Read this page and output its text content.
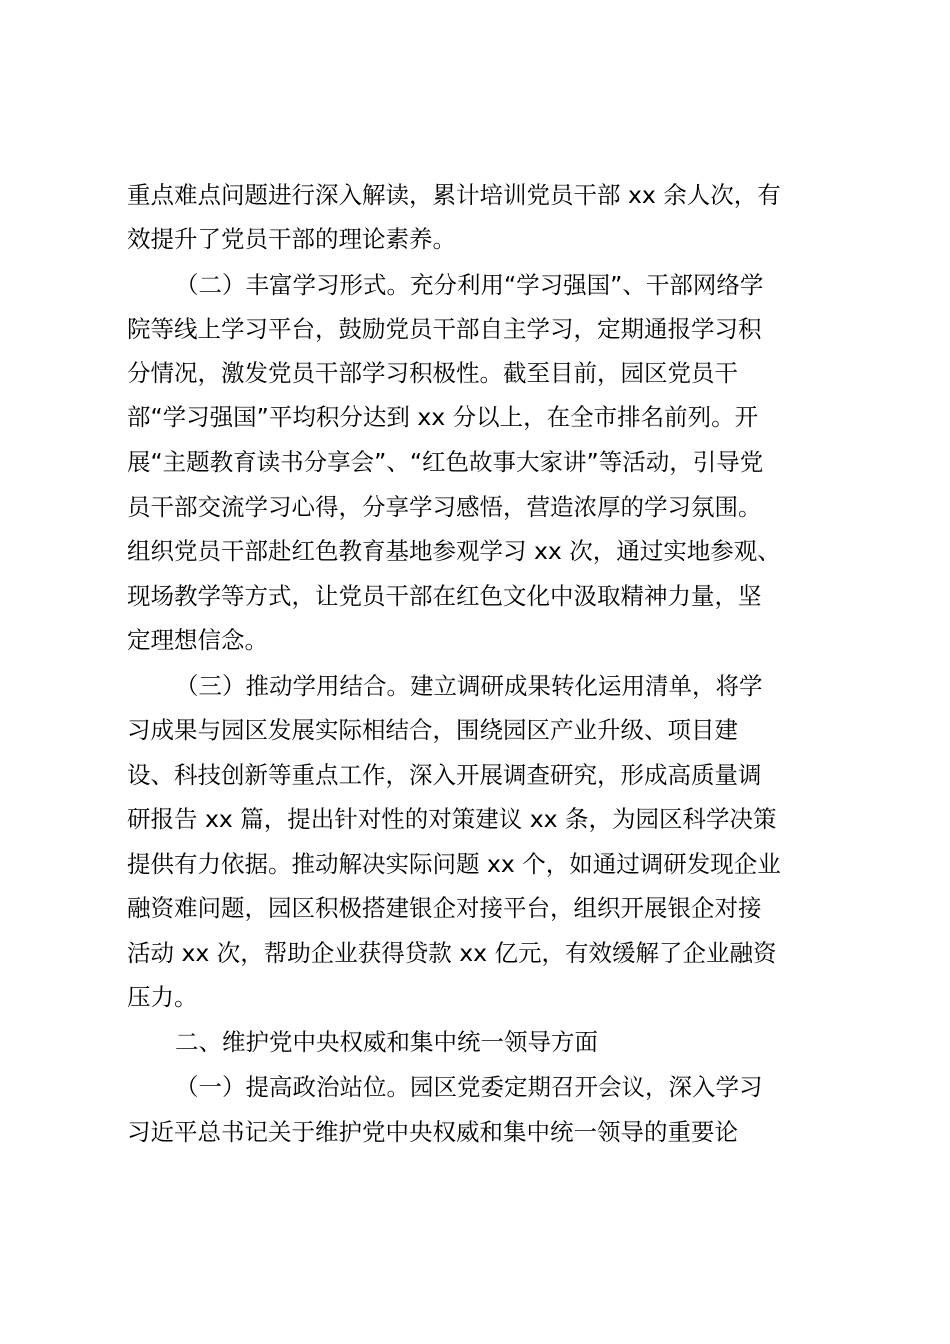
重点难点问题进行深入解读，累计培训党员干部 xx 余人次，有
效提升了党员干部的理论素养。
（二）丰富学习形式。充分利用“学习强国”、干部网络学
院等线上学习平台，鼓励党员干部自主学习，定期通报学习积
分情况，激发党员干部学习积极性。截至目前，园区党员干
部“学习强国”平均积分达到 xx 分以上，在全市排名前列。开
展“主题教育读书分享会”、“红色故事大家讲”等活动，引导党
员干部交流学习心得，分享学习感悟，营造浓厚的学习氛围。
组织党员干部赴红色教育基地参观学习 xx 次，通过实地参观、
现场教学等方式，让党员干部在红色文化中汲取精神力量，坚
定理想信念。
（三）推动学用结合。建立调研成果转化运用清单，将学
习成果与园区发展实际相结合，围绕园区产业升级、项目建
设、科技创新等重点工作，深入开展调查研究，形成高质量调
研报告 xx 篇，提出针对性的对策建议 xx 条，为园区科学决策
提供有力依据。推动解决实际问题 xx 个，如通过调研发现企业
融资难问题，园区积极搭建银企对接平台，组织开展银企对接
活动 xx 次，帮助企业获得贷款 xx 亿元，有效缓解了企业融资
压力。
二、维护党中央权威和集中统一领导方面
（一）提高政治站位。园区党委定期召开会议，深入学习
习近平总书记关于维护党中央权威和集中统一领导的重要论
